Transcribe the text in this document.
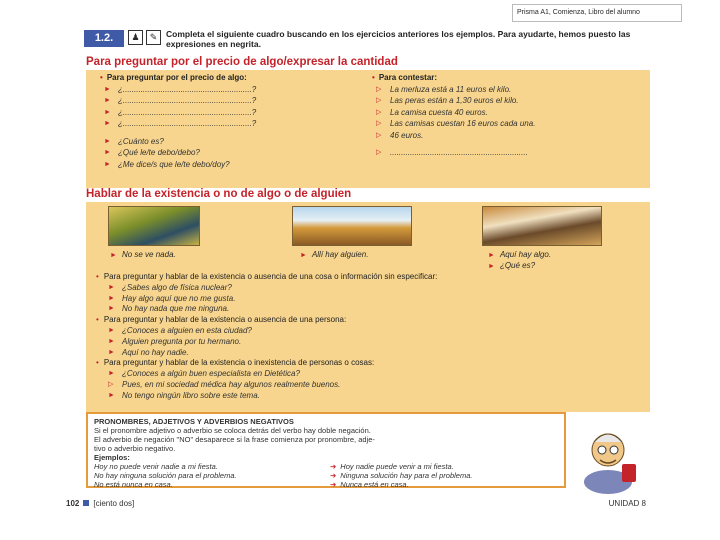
Prisma A1, Comienza, Libro del alumno
1.2.	♟	✎	Completa el siguiente cuadro buscando en los ejercicios anteriores los ejemplos. Para ayudarte, hemos puesto las expresiones en negrita.
Para preguntar por el precio de algo/expresar la cantidad
• Para preguntar por el precio de algo:
► ¿..........................................................?
► ¿..........................................................?
► ¿..........................................................?
► ¿..........................................................?
► ¿Cuánto es?
► ¿Qué le/te debo/debo?
► ¿Me dice/s que le/te debo/doy?
• Para contestar:
▷ La merluza está a 11 euros el kilo.
▷ Las peras están a 1,30 euros el kilo.
▷ La camisa cuesta 40 euros.
▷ Las camisas cuestan 16 euros cada una.
▷ 46 euros.
▷ ..............................................................
Hablar de la existencia o no de algo o de alguien
► No se ve nada.	► Allí hay alguien.	► Aquí hay algo.
► ¿Qué es?
• Para preguntar y hablar de la existencia o ausencia de una cosa o información sin especificar:
► ¿Sabes algo de física nuclear?
► Hay algo aquí que no me gusta.
► No hay nada que me ninguna.
• Para preguntar y hablar de la existencia o ausencia de una persona:
► ¿Conoces a alguien en esta ciudad?
► Alguien pregunta por tu hermano.
► Aquí no hay nadie.
• Para preguntar y hablar de la existencia o inexistencia de personas o cosas:
► ¿Conoces a algún buen especialista en Dietética?
▷ Pues, en mi sociedad médica hay algunos realmente buenos.
► No tengo ningún libro sobre este tema.
PRONOMBRES, ADJETIVOS Y ADVERBIOS NEGATIVOS
Si el pronombre adjetivo o adverbio se coloca detrás del verbo hay doble negación.
El adverbio de negación "NO" desaparece si la frase comienza por pronombre, adje-
tivo o adverbio negativo.
Ejemplos:
Hoy no puede venir nadie a mi fiesta.	➔ Hoy nadie puede venir a mi fiesta.
No hay ninguna solución para el problema.	➔ Ninguna solución hay para el problema.
No está nunca en casa.	➔ Nunca está en casa.
102 [ciento dos]	UNIDAD 8
